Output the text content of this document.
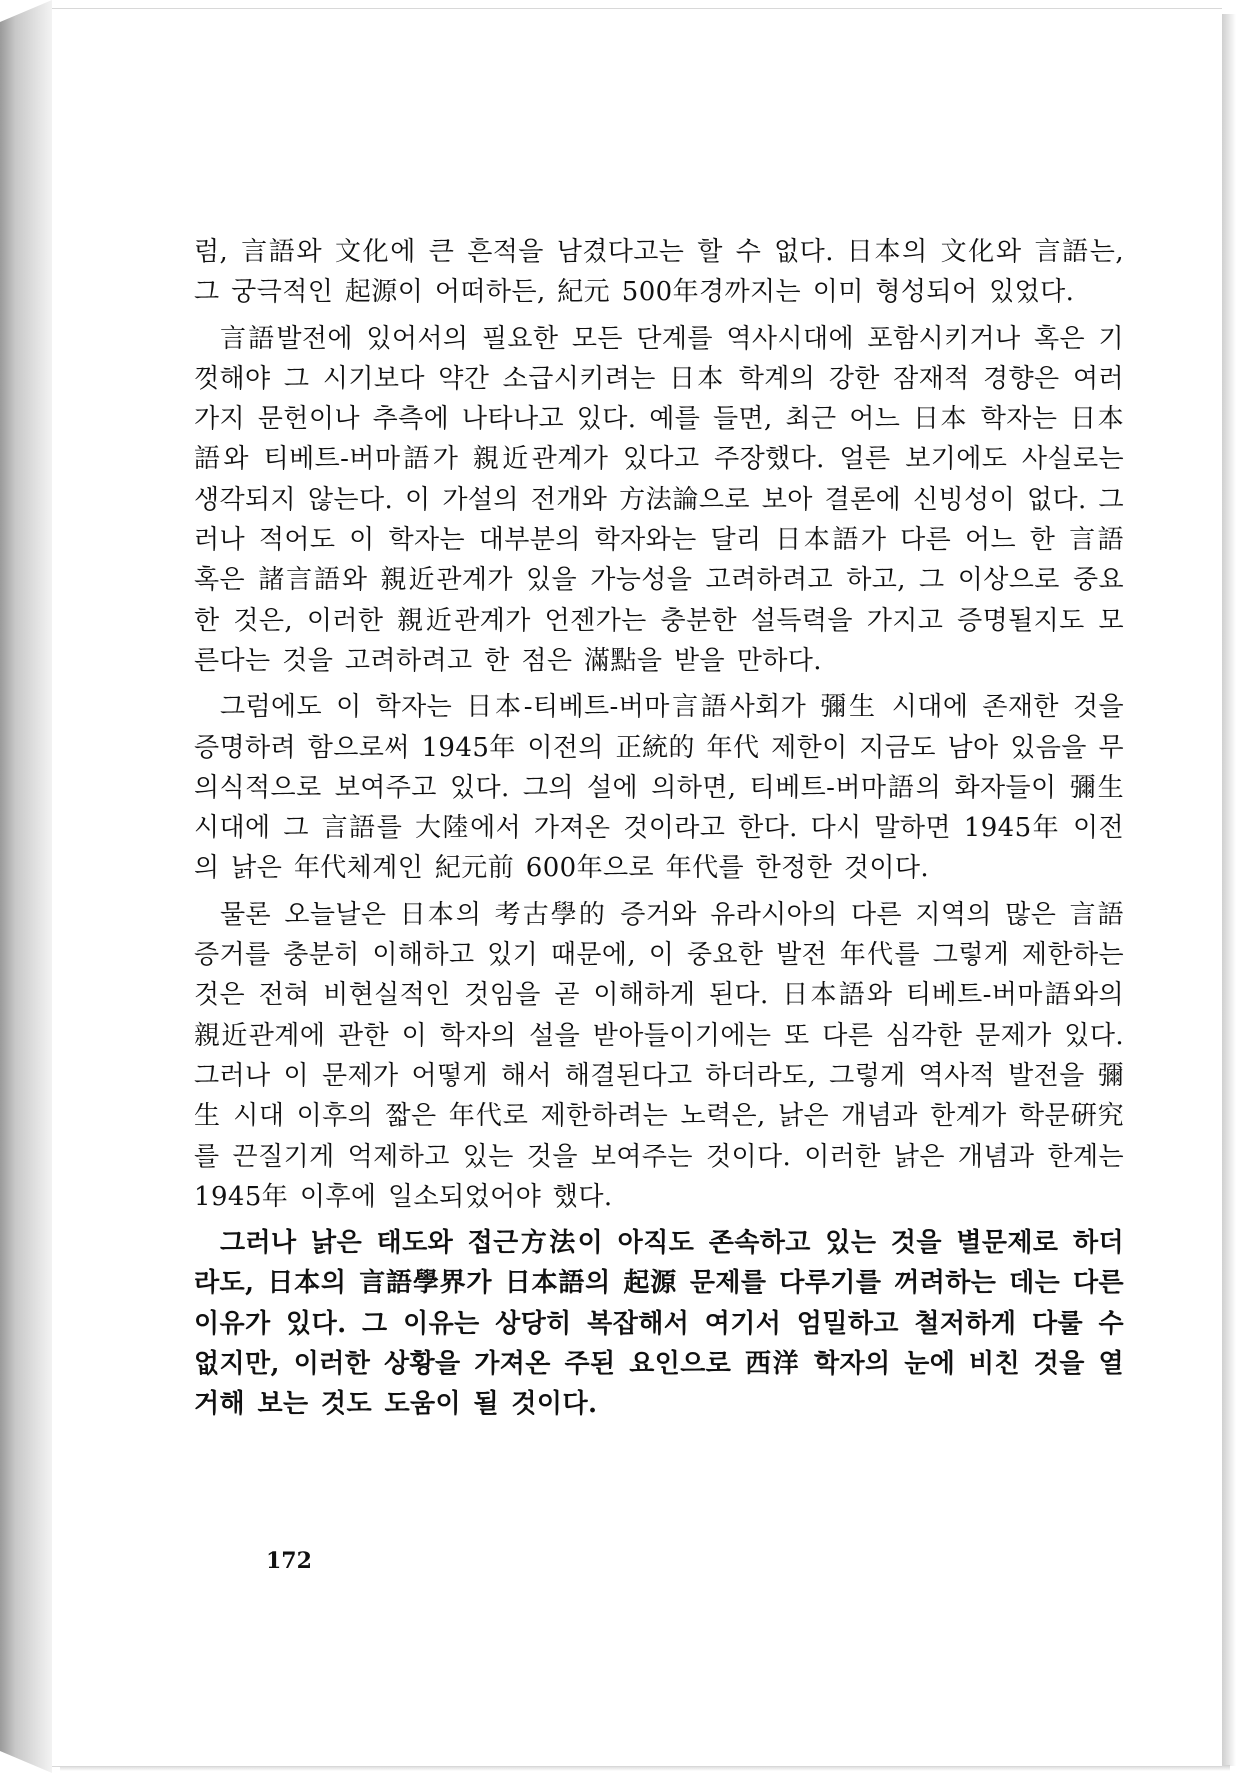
럼, 言語와 文化에 큰 흔적을 남겼다고는 할 수 없다. 日本의 文化와 言語는, 그 궁극적인 起源이 어떠하든, 紀元 500年경까지는 이미 형성되어 있었다.

言語발전에 있어서의 필요한 모든 단계를 역사시대에 포함시키거나 혹은 기껏해야 그 시기보다 약간 소급시키려는 日本 학계의 강한 잠재적 경향은 여러 가지 문헌이나 추측에 나타나고 있다. 예를 들면, 최근 어느 日本 학자는 日本語와 티베트-버마語가 親近관계가 있다고 주장했다. 얼른 보기에도 사실로는 생각되지 않는다. 이 가설의 전개와 方法論으로 보아 결론에 신빙성이 없다. 그러나 적어도 이 학자는 대부분의 학자와는 달리 日本語가 다른 어느 한 言語 혹은 諸言語와 親近관계가 있을 가능성을 고려하려고 하고, 그 이상으로 중요한 것은, 이러한 親近관계가 언젠가는 충분한 설득력을 가지고 증명될지도 모른다는 것을 고려하려고 한 점은 滿點을 받을 만하다.

그럼에도 이 학자는 日本-티베트-버마言語사회가 彌生 시대에 존재한 것을 증명하려 함으로써 1945年 이전의 正統的 年代 제한이 지금도 남아 있음을 무의식적으로 보여주고 있다. 그의 설에 의하면, 티베트-버마語의 화자들이 彌生 시대에 그 言語를 大陸에서 가져온 것이라고 한다. 다시 말하면 1945年 이전의 낡은 年代체계인 紀元前 600年으로 年代를 한정한 것이다.

물론 오늘날은 日本의 考古學的 증거와 유라시아의 다른 지역의 많은 言語 증거를 충분히 이해하고 있기 때문에, 이 중요한 발전 年代를 그렇게 제한하는 것은 전혀 비현실적인 것임을 곧 이해하게 된다. 日本語와 티베트-버마語와의 親近관계에 관한 이 학자의 설을 받아들이기에는 또 다른 심각한 문제가 있다. 그러나 이 문제가 어떻게 해서 해결된다고 하더라도, 그렇게 역사적 발전을 彌生 시대 이후의 짧은 年代로 제한하려는 노력은, 낡은 개념과 한계가 학문硏究를 끈질기게 억제하고 있는 것을 보여주는 것이다. 이러한 낡은 개념과 한계는 1945年 이후에 일소되었어야 했다.

그러나 낡은 태도와 접근方法이 아직도 존속하고 있는 것을 별문제로 하더라도, 日本의 言語學界가 日本語의 起源 문제를 다루기를 꺼려하는 데는 다른 이유가 있다. 그 이유는 상당히 복잡해서 여기서 엄밀하고 철저하게 다룰 수 없지만, 이러한 상황을 가져온 주된 요인으로 西洋 학자의 눈에 비친 것을 열거해 보는 것도 도움이 될 것이다.

172
